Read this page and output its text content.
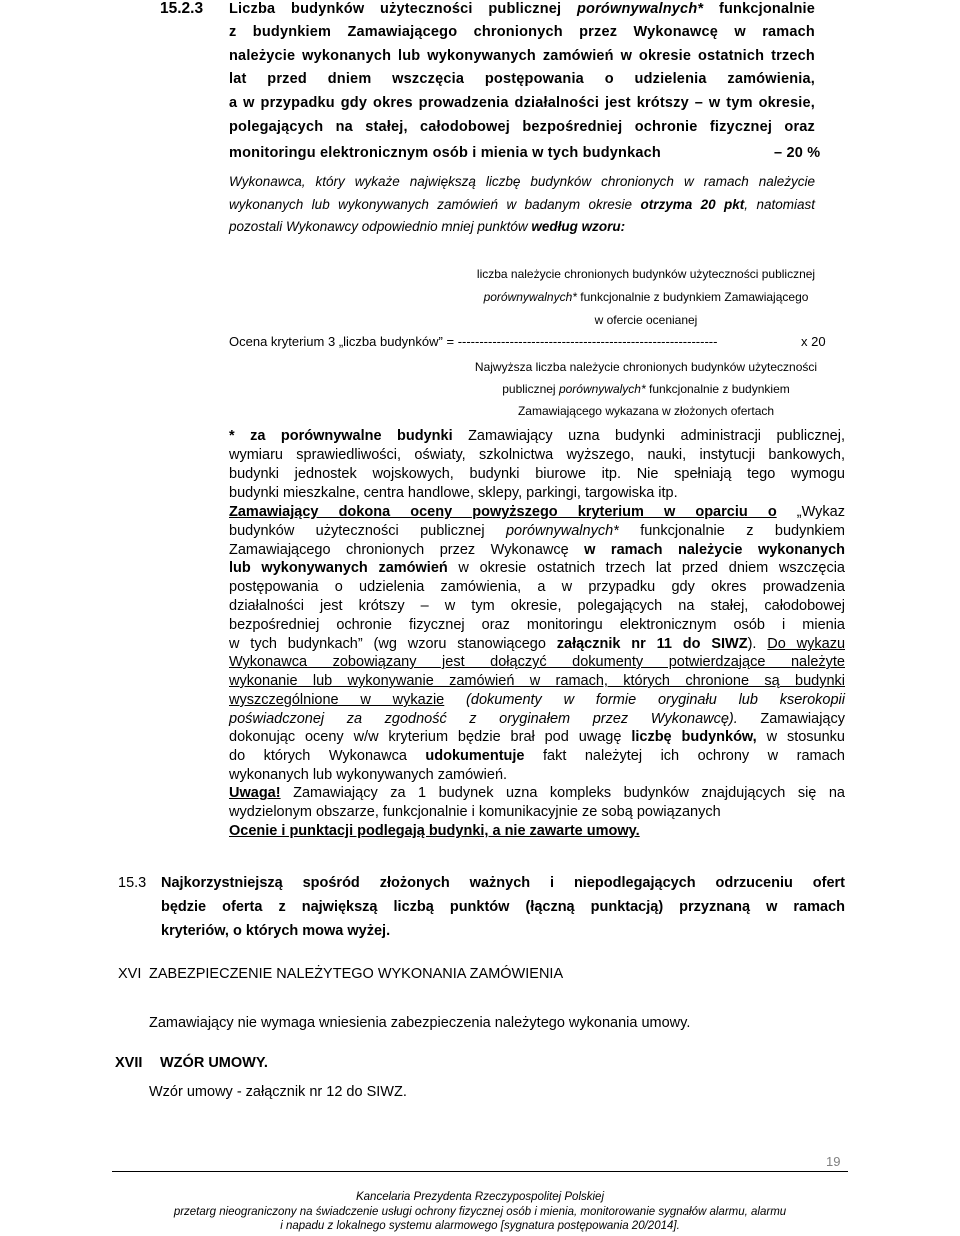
15.2.3 Liczba budynków użyteczności publicznej porównywalnych* funkcjonalnie
z budynkiem Zamawiającego chronionych przez Wykonawcę w ramach
należycie wykonanych lub wykonywanych zamówień w okresie ostatnich trzech
lat przed dniem wszczęcia postępowania o udzielenia zamówienia,
a w przypadku gdy okres prowadzenia działalności jest krótszy – w tym okresie,
polegających na stałej, całodobowej bezpośredniej ochronie fizycznej oraz
monitoringu elektronicznym osób i mienia w tych budynkach	– 20 %
Wykonawca, który wykaże największą liczbę budynków chronionych w ramach należycie
wykonanych lub wykonywanych zamówień w badanym okresie otrzyma 20 pkt, natomiast
pozostali Wykonawcy odpowiednio mniej punktów według wzoru:
liczba należycie chronionych budynków użyteczności publicznej
porównywalnych* funkcjonalnie z budynkiem Zamawiającego
w ofercie ocenianej
Ocena kryterium 3 „liczba budynków” = ------------------------------------------------------------	x 20
Najwyższa liczba należycie chronionych budynków użyteczności
publicznej porównywalych* funkcjonalnie z budynkiem
Zamawiającego wykazana w złożonych ofertach
* za porównywalne budynki Zamawiający uzna budynki administracji publicznej,
wymiaru sprawiedliwości, oświaty, szkolnictwa wyższego, nauki, instytucji bankowych,
budynki jednostek wojskowych, budynki biurowe itp. Nie spełniają tego wymogu
budynki mieszkalne, centra handlowe, sklepy, parkingi, targowiska itp.
Zamawiający dokona oceny powyższego kryterium w oparciu o „Wykaz
budynków użyteczności publicznej porównywalnych* funkcjonalnie z budynkiem
Zamawiającego chronionych przez Wykonawcę w ramach należycie wykonanych
lub wykonywanych zamówień w okresie ostatnich trzech lat przed dniem wszczęcia
postępowania o udzielenia zamówienia, a w przypadku gdy okres prowadzenia
działalności jest krótszy – w tym okresie, polegających na stałej, całodobowej
bezpośredniej ochronie fizycznej oraz monitoringu elektronicznym osób i mienia
w tych budynkach” (wg wzoru stanowiącego załącznik nr 11 do SIWZ). Do wykazu
Wykonawca zobowiązany jest dołączyć dokumenty potwierdzające należyte
wykonanie lub wykonywanie zamówień w ramach, których chronione są budynki
wyszczególnione w wykazie (dokumenty w formie oryginału lub kserokopii
poświadczonej za zgodność z oryginałem przez Wykonawcę). Zamawiający
dokonując oceny w/w kryterium będzie brał pod uwagę liczbę budynków, w stosunku
do których Wykonawca udokumentuje fakt należytej ich ochrony w ramach
wykonanych lub wykonywanych zamówień.
Uwaga! Zamawiający za 1 budynek uzna kompleks budynków znajdujących się na
wydzielonym obszarze, funkcjonalnie i komunikacyjnie ze sobą powiązanych
Ocenie i punktacji podlegają budynki, a nie zawarte umowy.
15.3 Najkorzystniejszą spośród złożonych ważnych i niepodlegających odrzuceniu ofert
będzie oferta z największą liczbą punktów (łączną punktacją) przyznaną w ramach
kryteriów, o których mowa wyżej.
XVI ZABEZPIECZENIE NALEŻYTEGO WYKONANIA ZAMÓWIENIA
Zamawiający nie wymaga wniesienia zabezpieczenia należytego wykonania umowy.
XVII WZÓR UMOWY.
Wzór umowy - załącznik nr 12 do SIWZ.
19
Kancelaria Prezydenta Rzeczypospolitej Polskiej
przetarg nieograniczony na świadczenie usługi ochrony fizycznej osób i mienia, monitorowanie sygnałów alarmu, alarmu
i napadu z lokalnego systemu alarmowego [sygnatura postępowania 20/2014].
